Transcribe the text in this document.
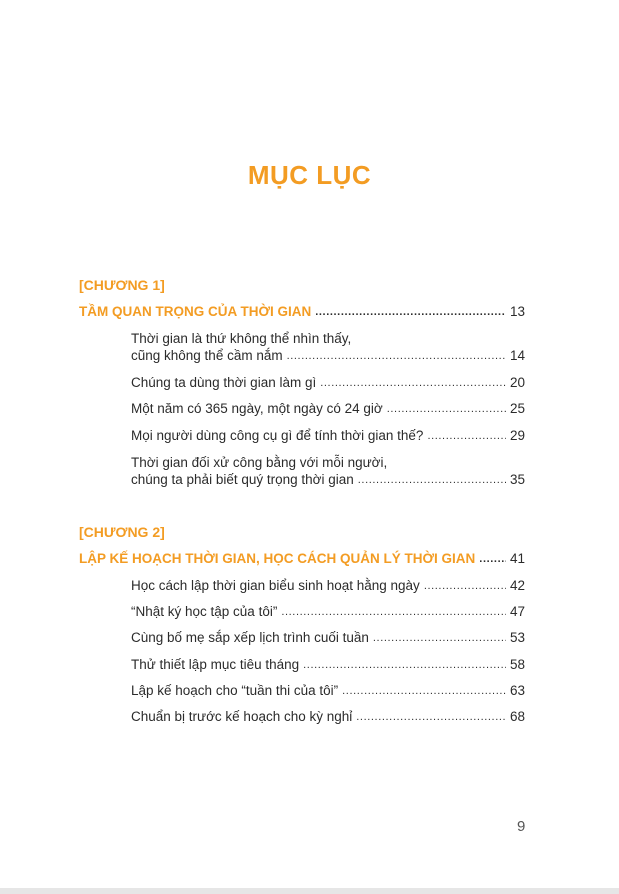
MỤC LỤC
[CHƯƠNG 1]
TẦM QUAN TRỌNG CỦA THỜI GIAN .....	13
Thời gian là thứ không thể nhìn thấy,
cũng không thể cầm nắm .....	14
Chúng ta dùng thời gian làm gì .....	20
Một năm có 365 ngày, một ngày có 24 giờ .....	25
Mọi người dùng công cụ gì để tính thời gian thế? .....	29
Thời gian đối xử công bằng với mỗi người,
chúng ta phải biết quý trọng thời gian .....	35
[CHƯƠNG 2]
LẬP KẾ HOẠCH THỜI GIAN, HỌC CÁCH QUẢN LÝ THỜI GIAN .....	41
Học cách lập thời gian biểu sinh hoạt hằng ngày .....	42
“Nhật ký học tập của tôi” .....	47
Cùng bố mẹ sắp xếp lịch trình cuối tuần .....	53
Thử thiết lập mục tiêu tháng .....	58
Lập kế hoạch cho “tuần thi của tôi” .....	63
Chuẩn bị trước kế hoạch cho kỳ nghỉ .....	68
9
